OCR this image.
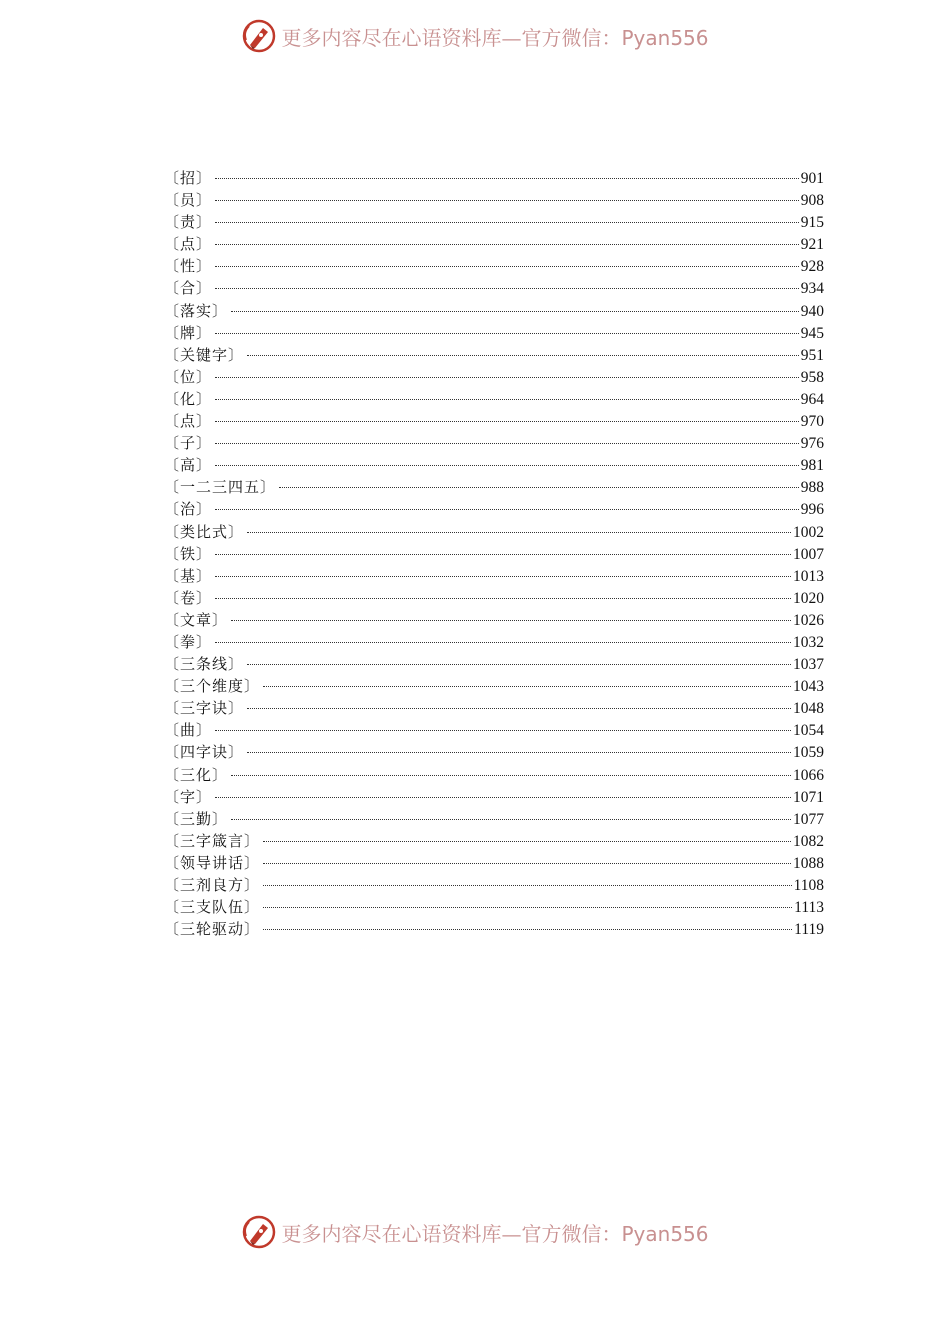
更多内容尽在心语资料库—官方微信：Pyan556
〔招〕	901
〔员〕	908
〔责〕	915
〔点〕	921
〔性〕	928
〔合〕	934
〔落实〕	940
〔牌〕	945
〔关键字〕	951
〔位〕	958
〔化〕	964
〔点〕	970
〔子〕	976
〔高〕	981
〔一二三四五〕	988
〔治〕	996
〔类比式〕	1002
〔铁〕	1007
〔基〕	1013
〔卷〕	1020
〔文章〕	1026
〔拳〕	1032
〔三条线〕	1037
〔三个维度〕	1043
〔三字诀〕	1048
〔曲〕	1054
〔四字诀〕	1059
〔三化〕	1066
〔字〕	1071
〔三勤〕	1077
〔三字箴言〕	1082
〔领导讲话〕	1088
〔三剂良方〕	1108
〔三支队伍〕	1113
〔三轮驱动〕	1119
更多内容尽在心语资料库—官方微信：Pyan556
